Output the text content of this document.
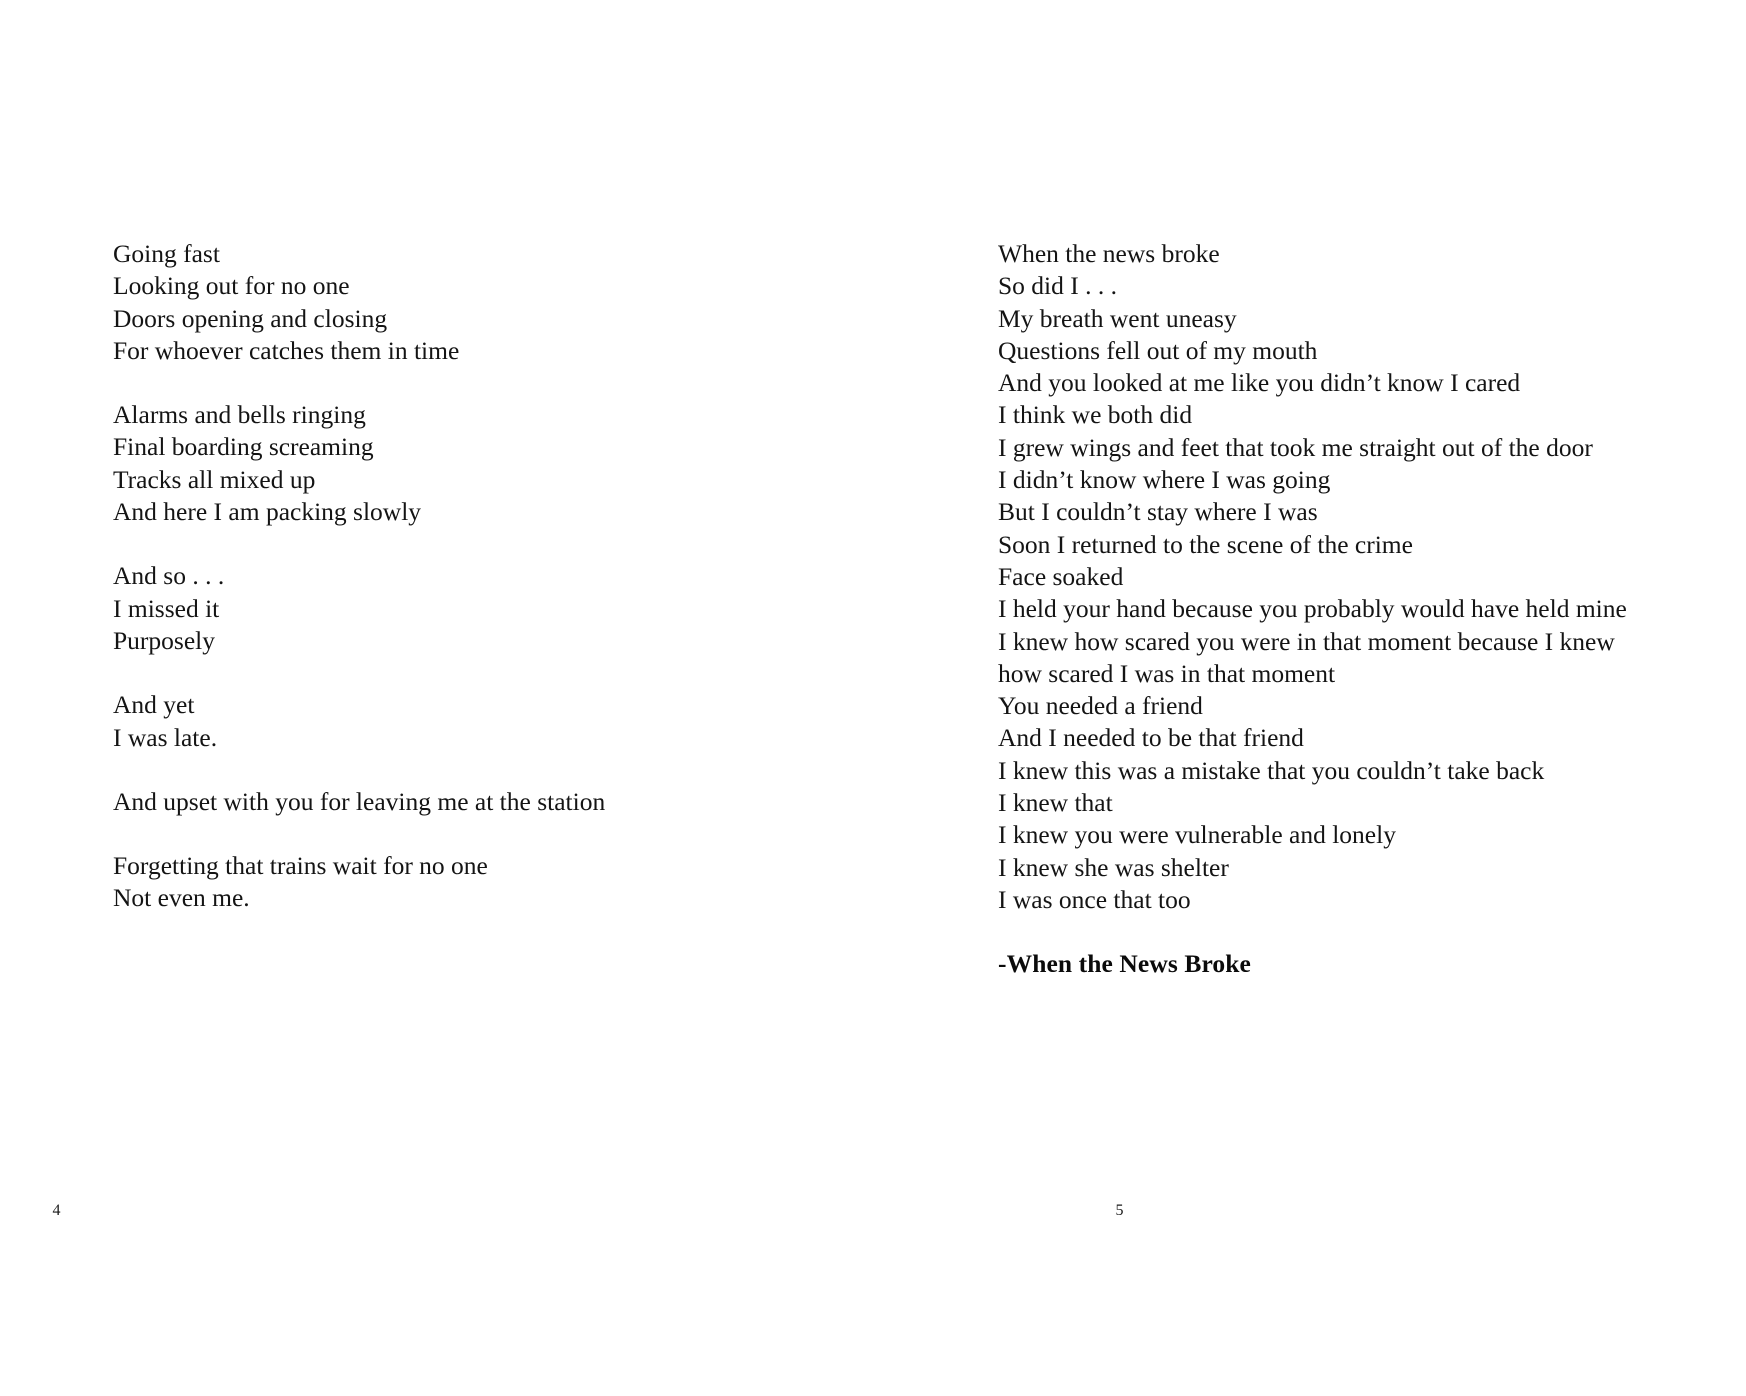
Going fast
Looking out for no one
Doors opening and closing
For whoever catches them in time
Alarms and bells ringing
Final boarding screaming
Tracks all mixed up
And here I am packing slowly
And so . . .
I missed it
Purposely
And yet
I was late.
And upset with you for leaving me at the station
Forgetting that trains wait for no one
Not even me.
4
When the news broke
So did I . . .
My breath went uneasy
Questions fell out of my mouth
And you looked at me like you didn’t know I cared
I think we both did
I grew wings and feet that took me straight out of the door
I didn’t know where I was going
But I couldn’t stay where I was
Soon I returned to the scene of the crime
Face soaked
I held your hand because you probably would have held mine
I knew how scared you were in that moment because I knew how scared I was in that moment
You needed a friend
And I needed to be that friend
I knew this was a mistake that you couldn’t take back
I knew that
I knew you were vulnerable and lonely
I knew she was shelter
I was once that too
-When the News Broke
5
